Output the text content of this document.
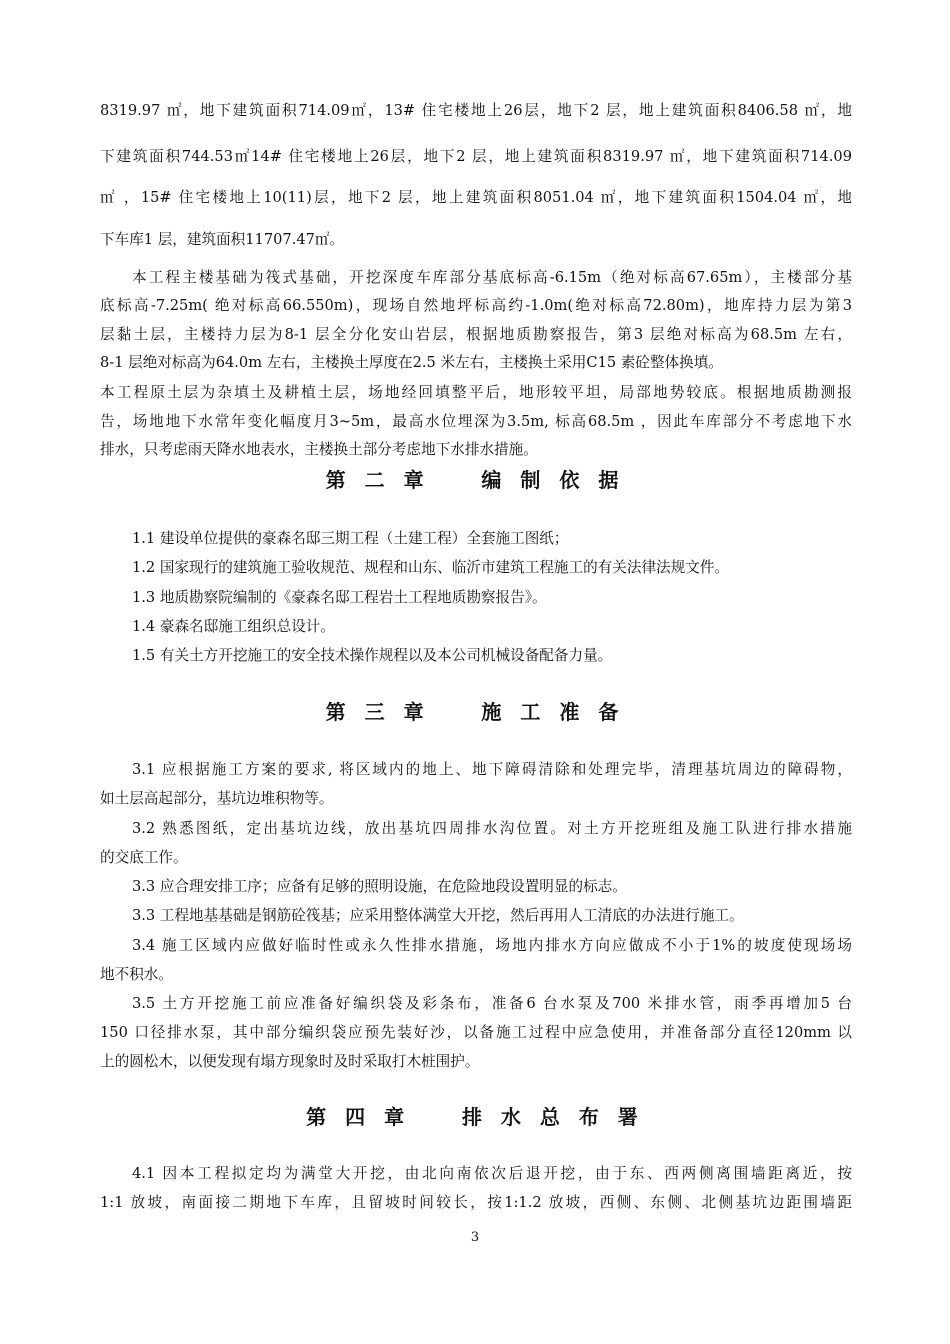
8319.97 ㎡，地下建筑面积714.09㎡，13# 住宅楼地上26层，地下2 层，地上建筑面积8406.58 ㎡，地
下建筑面积744.53㎡14# 住宅楼地上26层，地下2 层，地上建筑面积8319.97 ㎡，地下建筑面积714.09
㎡ ，15# 住宅楼地上10(11)层，地下2 层，地上建筑面积8051.04 ㎡，地下建筑面积1504.04 ㎡，地
下车库1 层，建筑面积11707.47㎡。
本工程主楼基础为筏式基础，开挖深度车库部分基底标高-6.15m（绝对标高67.65m），主楼部分基
底标高-7.25m( 绝对标高66.550m)，现场自然地坪标高约-1.0m(绝对标高72.80m)，地库持力层为第3
层黏土层，主楼持力层为8-1 层全分化安山岩层，根据地质勘察报告，第3 层绝对标高为68.5m 左右，
8-1 层绝对标高为64.0m 左右，主楼换土厚度在2.5 米左右，主楼换土采用C15 素砼整体换填。
本工程原土层为杂填土及耕植土层，场地经回填整平后，地形较平坦，局部地势较底。根据地质勘测报
告，场地地下水常年变化幅度月3~5m，最高水位埋深为3.5m, 标高68.5m ，因此车库部分不考虑地下水
排水，只考虑雨天降水地表水，主楼换土部分考虑地下水排水措施。
第 二 章    编 制 依 据
1.1 建设单位提供的豪森名邸三期工程（土建工程）全套施工图纸；
1.2 国家现行的建筑施工验收规范、规程和山东、临沂市建筑工程施工的有关法律法规文件。
1.3 地质勘察院编制的《豪森名邸工程岩土工程地质勘察报告》。
1.4 豪森名邸施工组织总设计。
1.5 有关土方开挖施工的安全技术操作规程以及本公司机械设备配备力量。
第 三 章    施 工 准 备
3.1 应根据施工方案的要求, 将区域内的地上、地下障碍清除和处理完毕，清理基坑周边的障碍物，
如土层高起部分，基坑边堆积物等。
3.2 熟悉图纸，定出基坑边线，放出基坑四周排水沟位置。对土方开挖班组及施工队进行排水措施
的交底工作。
3.3 应合理安排工序；应备有足够的照明设施，在危险地段设置明显的标志。
3.3 工程地基基础是钢筋砼筏基；应采用整体满堂大开挖，然后再用人工清底的办法进行施工。
3.4 施工区域内应做好临时性或永久性排水措施，场地内排水方向应做成不小于1%的坡度使现场场
地不积水。
3.5 土方开挖施工前应准备好编织袋及彩条布，准备6 台水泵及700 米排水管，雨季再增加5 台
150 口径排水泵，其中部分编织袋应预先装好沙，以备施工过程中应急使用，并准备部分直径120mm 以
上的圆松木，以便发现有塌方现象时及时采取打木桩围护。
第 四 章    排 水 总 布 署
4.1 因本工程拟定均为满堂大开挖，由北向南依次后退开挖，由于东、西两侧离围墙距离近，按
1:1 放坡，南面接二期地下车库，且留坡时间较长，按1:1.2 放坡，西侧、东侧、北侧基坑边距围墙距
3
